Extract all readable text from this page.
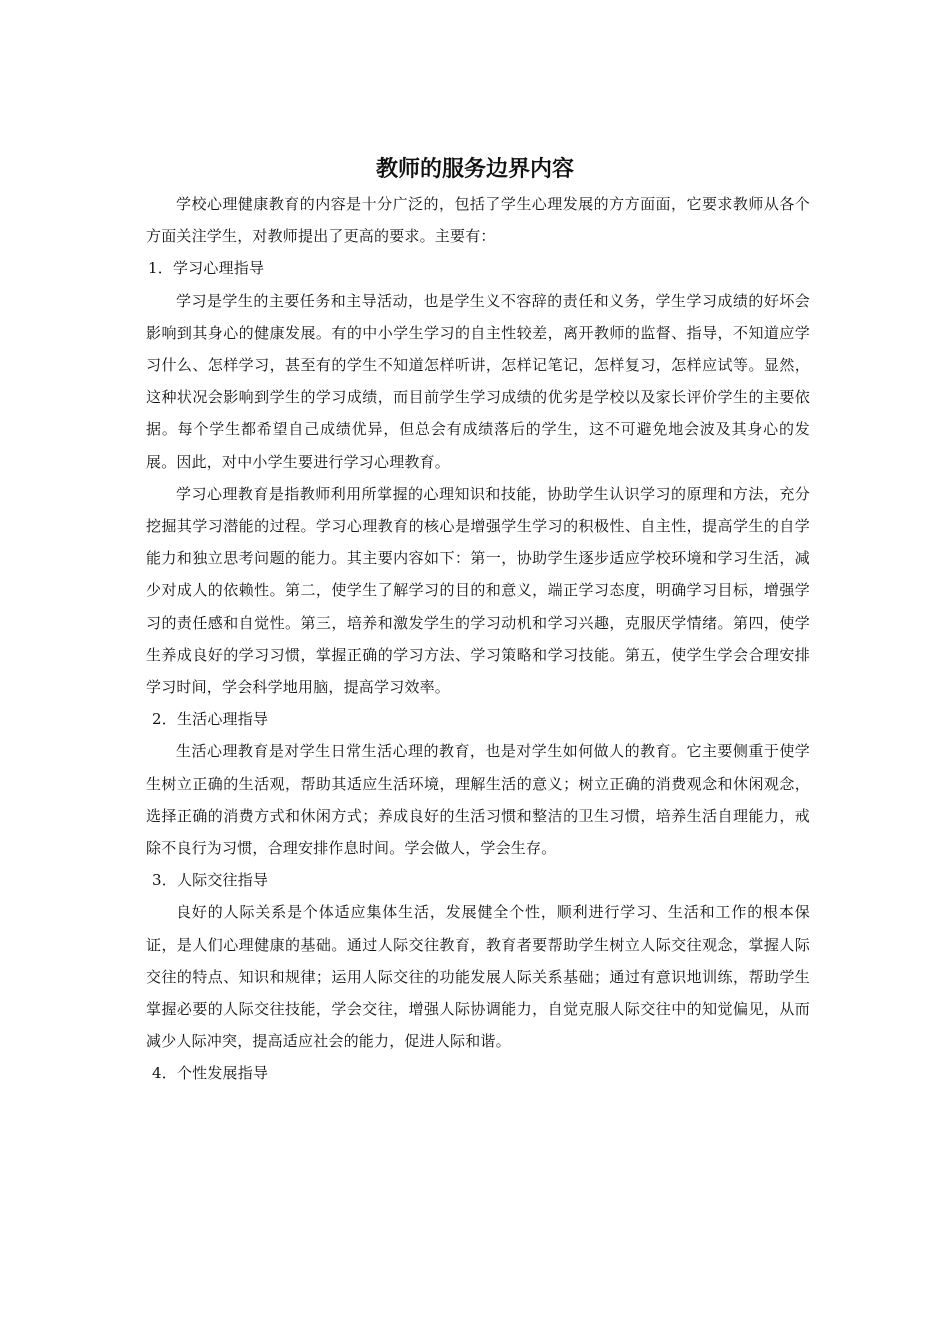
教师的服务边界内容

学校心理健康教育的内容是十分广泛的，包括了学生心理发展的方方面面，它要求教师从各个方面关注学生，对教师提出了更高的要求。主要有：

1．学习心理指导

学习是学生的主要任务和主导活动，也是学生义不容辞的责任和义务，学生学习成绩的好坏会影响到其身心的健康发展。有的中小学生学习的自主性较差，离开教师的监督、指导，不知道应学习什么、怎样学习，甚至有的学生不知道怎样听讲，怎样记笔记，怎样复习，怎样应试等。显然，这种状况会影响到学生的学习成绩，而目前学生学习成绩的优劣是学校以及家长评价学生的主要依据。每个学生都希望自己成绩优异，但总会有成绩落后的学生，这不可避免地会波及其身心的发展。因此，对中小学生要进行学习心理教育。

学习心理教育是指教师利用所掌握的心理知识和技能，协助学生认识学习的原理和方法，充分挖掘其学习潜能的过程。学习心理教育的核心是增强学生学习的积极性、自主性，提高学生的自学能力和独立思考问题的能力。其主要内容如下：第一，协助学生逐步适应学校环境和学习生活，减少对成人的依赖性。第二，使学生了解学习的目的和意义，端正学习态度，明确学习目标，增强学习的责任感和自觉性。第三，培养和激发学生的学习动机和学习兴趣，克服厌学情绪。第四，使学生养成良好的学习习惯，掌握正确的学习方法、学习策略和学习技能。第五，使学生学会合理安排学习时间，学会科学地用脑，提高学习效率。

2．生活心理指导

生活心理教育是对学生日常生活心理的教育，也是对学生如何做人的教育。它主要侧重于使学生树立正确的生活观，帮助其适应生活环境，理解生活的意义；树立正确的消费观念和休闲观念，选择正确的消费方式和休闲方式；养成良好的生活习惯和整洁的卫生习惯，培养生活自理能力，戒除不良行为习惯，合理安排作息时间。学会做人，学会生存。

3．人际交往指导

良好的人际关系是个体适应集体生活，发展健全个性，顺利进行学习、生活和工作的根本保证，是人们心理健康的基础。通过人际交往教育，教育者要帮助学生树立人际交往观念，掌握人际交往的特点、知识和规律；运用人际交往的功能发展人际关系基础；通过有意识地训练，帮助学生掌握必要的人际交往技能，学会交往，增强人际协调能力，自觉克服人际交往中的知觉偏见，从而减少人际冲突，提高适应社会的能力，促进人际和谐。

4．个性发展指导
